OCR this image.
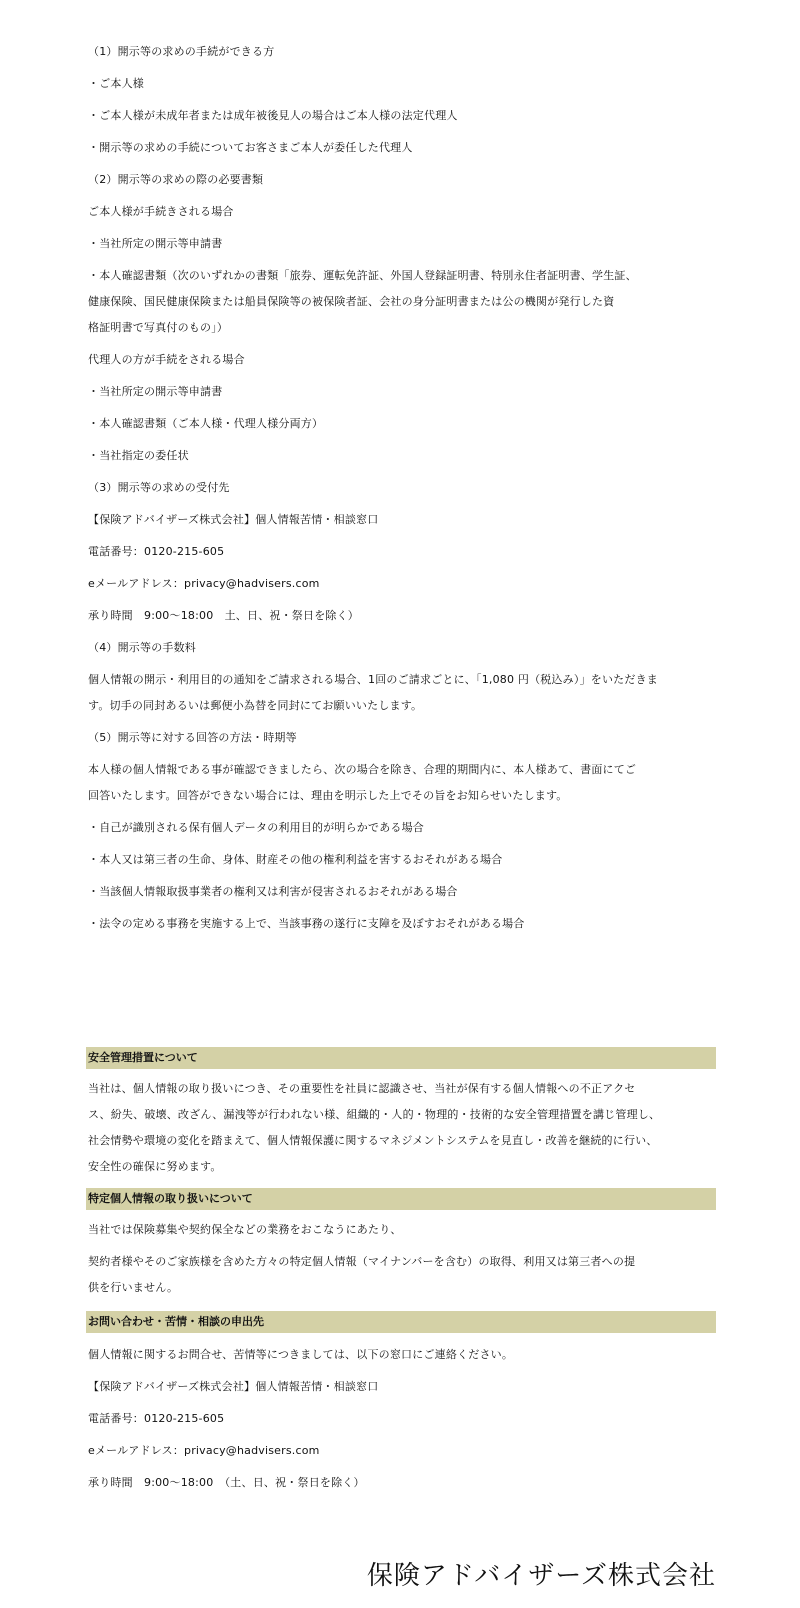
（1）開示等の求めの手続ができる方
・ご本人様
・ご本人様が未成年者または成年被後見人の場合はご本人様の法定代理人
・開示等の求めの手続についてお客さまご本人が委任した代理人
（2）開示等の求めの際の必要書類
ご本人様が手続きされる場合
・当社所定の開示等申請書
・本人確認書類（次のいずれかの書類「旅券、運転免許証、外国人登録証明書、特別永住者証明書、学生証、
健康保険、国民健康保険または船員保険等の被保険者証、会社の身分証明書または公の機関が発行した資
格証明書で写真付のもの」）
代理人の方が手続をされる場合
・当社所定の開示等申請書
・本人確認書類（ご本人様・代理人様分両方）
・当社指定の委任状
（3）開示等の求めの受付先
【保険アドバイザーズ株式会社】個人情報苦情・相談窓口
電話番号：0120-215-605
eメールアドレス：privacy@hadvisers.com
承り時間　9:00～18:00　土、日、祝・祭日を除く）
（4）開示等の手数料
個人情報の開示・利用目的の通知をご請求される場合、1回のご請求ごとに、「1,080 円（税込み）」をいただきま
す。切手の同封あるいは郵便小為替を同封にてお願いいたします。
（5）開示等に対する回答の方法・時期等
本人様の個人情報である事が確認できましたら、次の場合を除き、合理的期間内に、本人様あて、書面にてご
回答いたします。回答ができない場合には、理由を明示した上でその旨をお知らせいたします。
・自己が識別される保有個人データの利用目的が明らかである場合
・本人又は第三者の生命、身体、財産その他の権利利益を害するおそれがある場合
・当該個人情報取扱事業者の権利又は利害が侵害されるおそれがある場合
・法令の定める事務を実施する上で、当該事務の遂行に支障を及ぼすおそれがある場合
安全管理措置について
当社は、個人情報の取り扱いにつき、その重要性を社員に認識させ、当社が保有する個人情報への不正アクセ
ス、紛失、破壊、改ざん、漏洩等が行われない様、組織的・人的・物理的・技術的な安全管理措置を講じ管理し、
社会情勢や環境の変化を踏まえて、個人情報保護に関するマネジメントシステムを見直し・改善を継続的に行い、
安全性の確保に努めます。
特定個人情報の取り扱いについて
当社では保険募集や契約保全などの業務をおこなうにあたり、
契約者様やそのご家族様を含めた方々の特定個人情報（マイナンバーを含む）の取得、利用又は第三者への提
供を行いません。
お問い合わせ・苦情・相談の申出先
個人情報に関するお問合せ、苦情等につきましては、以下の窓口にご連絡ください。
【保険アドバイザーズ株式会社】個人情報苦情・相談窓口
電話番号：0120-215-605
eメールアドレス：privacy@hadvisers.com
承り時間　9:00～18:00　（土、日、祝・祭日を除く）
保険アドバイザーズ株式会社
